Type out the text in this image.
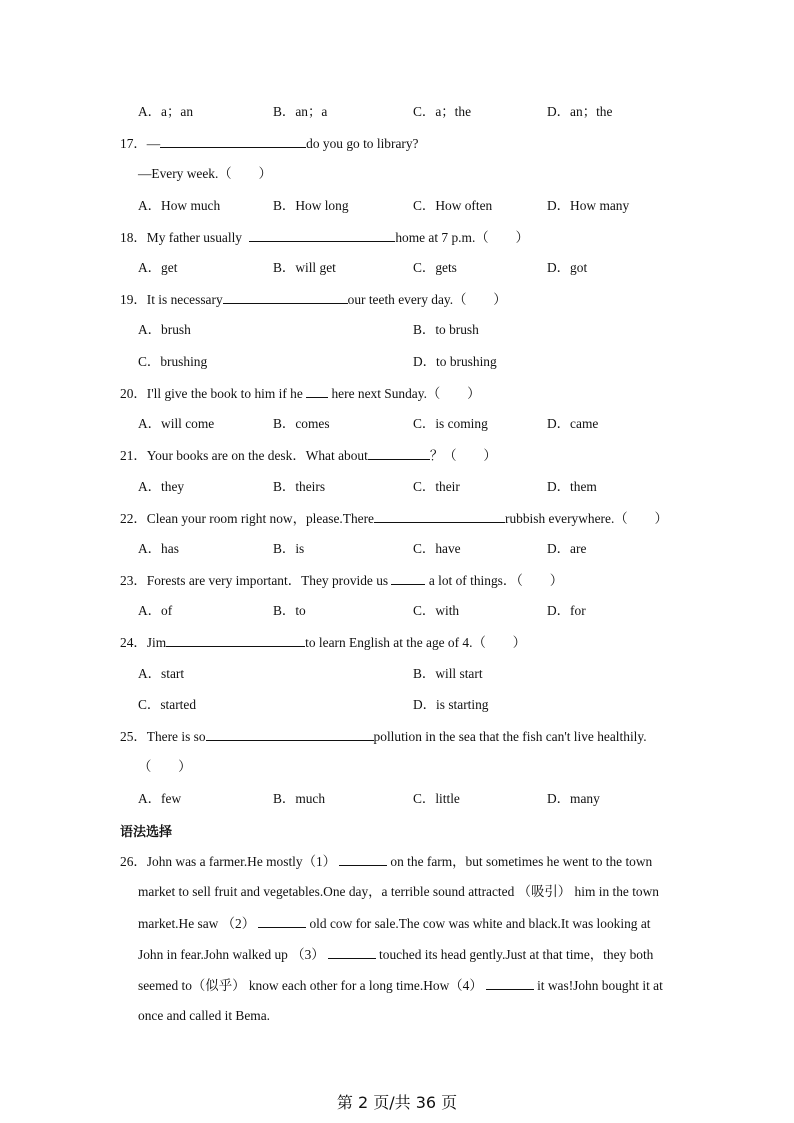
A．a；an	B．an；a	C．a；the	D．an；the
17．—	do you go to library?
—Every week.（　　）
A．How much	B．How long	C．How often	D．How many
18．My father usually	home at 7 p.m.（　　）
A．get	B．will get	C．gets	D．got
19．It is necessary	our teeth every day.（　　）
A．brush	B．to brush
C．brushing	D．to brushing
20．I'll give the book to him if he  here next Sunday.（　　）
A．will come	B．comes	C．is coming	D．came
21．Your books are on the desk．What about	？（　　）
A．they	B．theirs	C．their	D．them
22．Clean your room right now，please.There	rubbish everywhere.（　　）
A．has	B．is	C．have	D．are
23．Forests are very important．They provide us	a lot of things．（　　）
A．of	B．to	C．with	D．for
24．Jim	to learn English at the age of 4.（　　）
A．start	B．will start
C．started	D．is starting
25．There is so	pollution in the sea that the fish can't live healthily.
（　　）
A．few	B．much	C．little	D．many
语法选择
26．John was a farmer.He mostly（1）	on the farm，but sometimes he went to the town
market to sell fruit and vegetables.One day，a terrible sound attracted （吸引） him in the town
market.He saw （2）	old cow for sale.The cow was white and black.It was looking at
John in fear.John walked up （3）	touched its head gently.Just at that time，they both
seemed to（似乎） know each other for a long time.How（4）	it was!John bought it at
once and called it Bema.
第 2 页/共 36 页
